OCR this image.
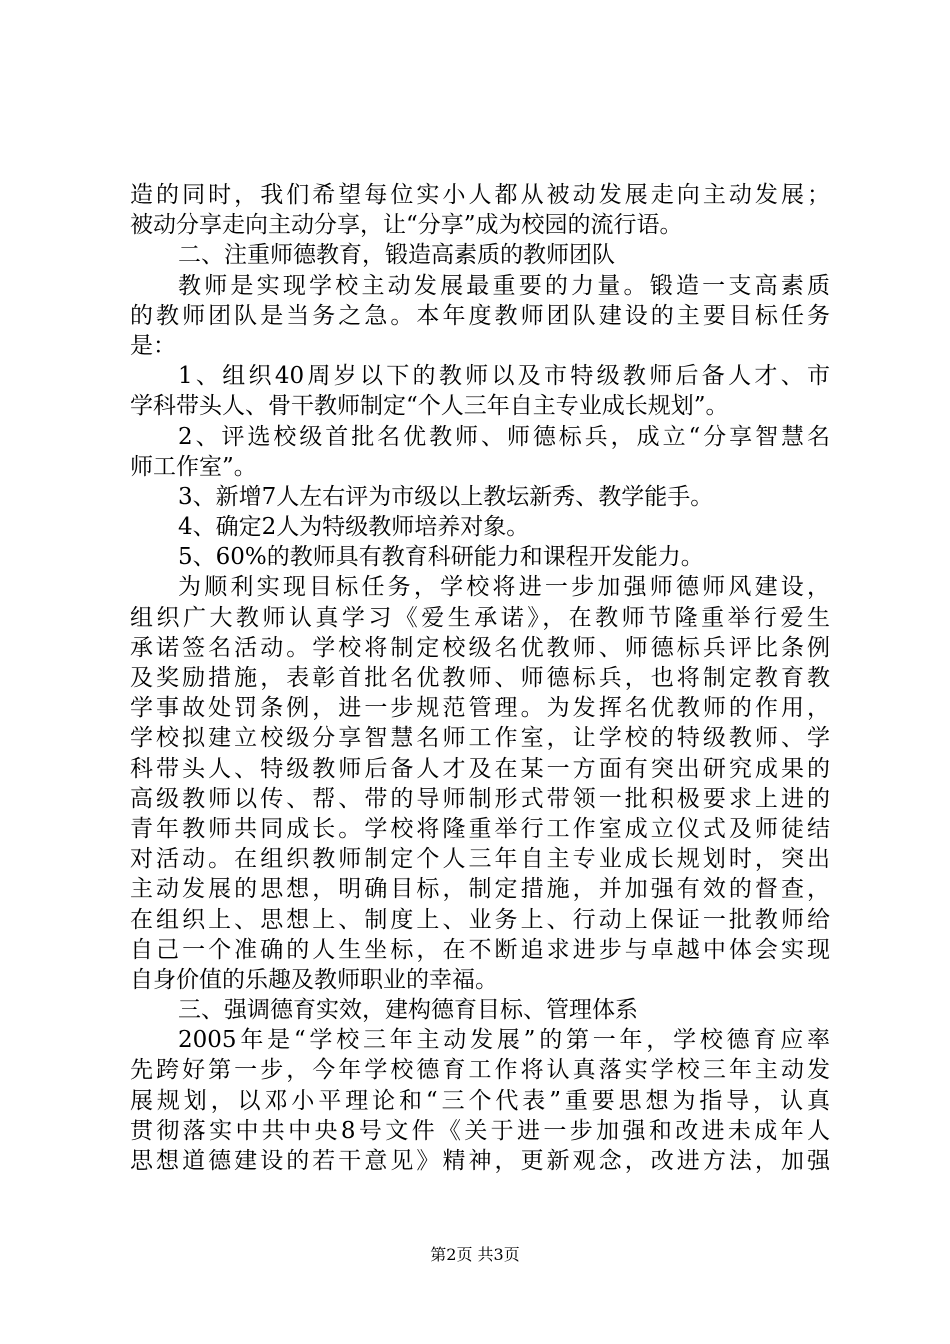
造的同时，我们希望每位实小人都从被动发展走向主动发展；
被动分享走向主动分享，让“分享”成为校园的流行语。
二、注重师德教育，锻造高素质的教师团队
教师是实现学校主动发展最重要的力量。锻造一支高素质
的教师团队是当务之急。本年度教师团队建设的主要目标任务
是：
1、组织40周岁以下的教师以及市特级教师后备人才、市
学科带头人、骨干教师制定“个人三年自主专业成长规划”。
2、评选校级首批名优教师、师德标兵，成立“分享智慧名
师工作室”。
3、新增7人左右评为市级以上教坛新秀、教学能手。
4、确定2人为特级教师培养对象。
5、60%的教师具有教育科研能力和课程开发能力。
为顺利实现目标任务，学校将进一步加强师德师风建设，
组织广大教师认真学习《爱生承诺》，在教师节隆重举行爱生
承诺签名活动。学校将制定校级名优教师、师德标兵评比条例
及奖励措施，表彰首批名优教师、师德标兵，也将制定教育教
学事故处罚条例，进一步规范管理。为发挥名优教师的作用，
学校拟建立校级分享智慧名师工作室，让学校的特级教师、学
科带头人、特级教师后备人才及在某一方面有突出研究成果的
高级教师以传、帮、带的导师制形式带领一批积极要求上进的
青年教师共同成长。学校将隆重举行工作室成立仪式及师徒结
对活动。在组织教师制定个人三年自主专业成长规划时，突出
主动发展的思想，明确目标，制定措施，并加强有效的督查，
在组织上、思想上、制度上、业务上、行动上保证一批教师给
自己一个准确的人生坐标，在不断追求进步与卓越中体会实现
自身价值的乐趣及教师职业的幸福。
三、强调德育实效，建构德育目标、管理体系
2005年是“学校三年主动发展”的第一年，学校德育应率
先跨好第一步，今年学校德育工作将认真落实学校三年主动发
展规划，以邓小平理论和“三个代表”重要思想为指导，认真
贯彻落实中共中央8号文件《关于进一步加强和改进未成年人
思想道德建设的若干意见》精神，更新观念，改进方法，加强
第2页 共3页
